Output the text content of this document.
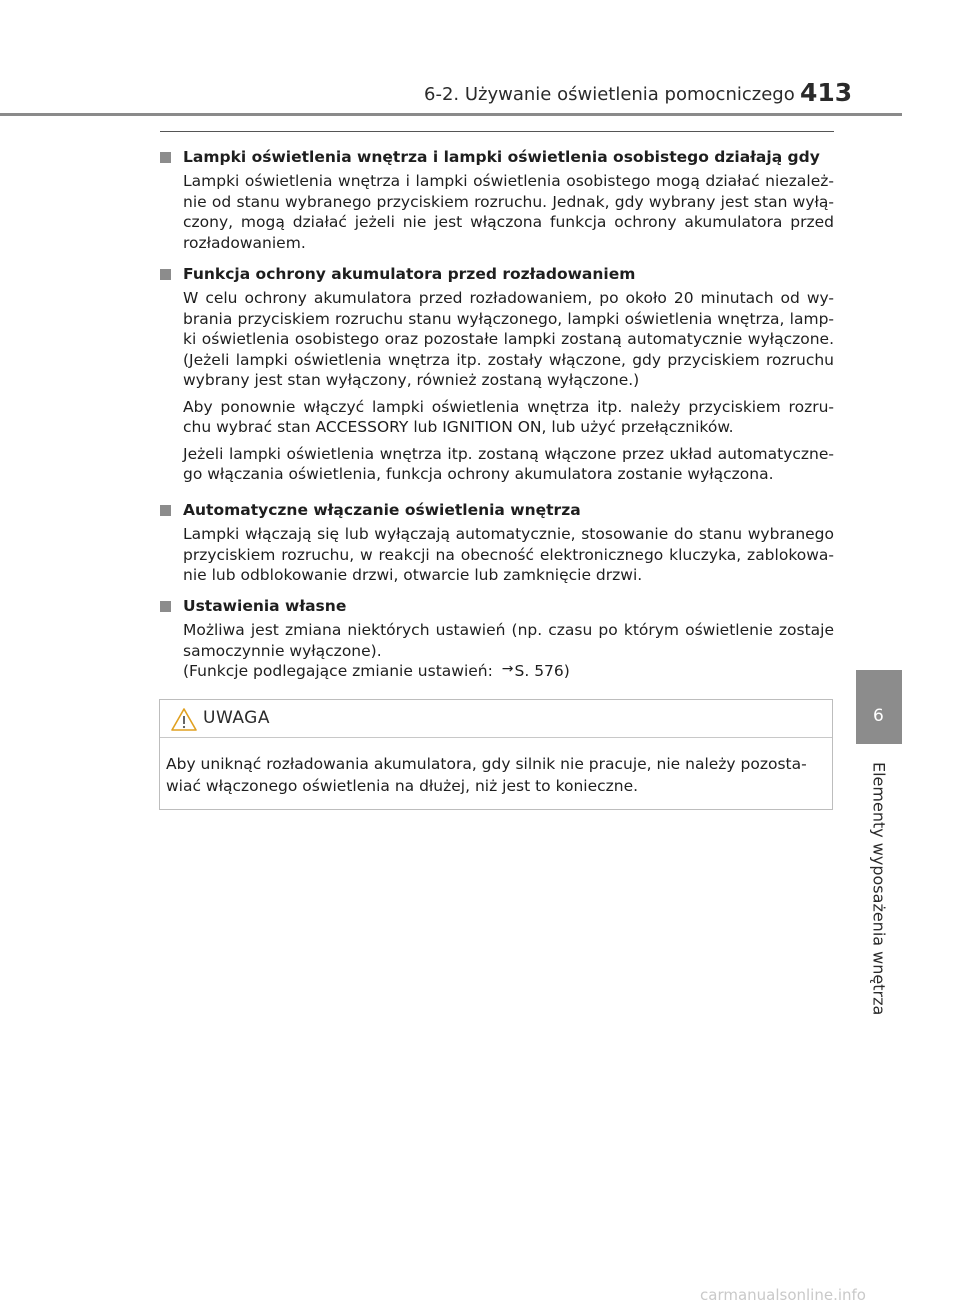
6-2. Używanie oświetlenia pomocniczego 413
Lampki oświetlenia wnętrza i lampki oświetlenia osobistego działają gdy
Lampki oświetlenia wnętrza i lampki oświetlenia osobistego mogą działać niezależ-
nie od stanu wybranego przyciskiem rozruchu. Jednak, gdy wybrany jest stan wyłą-
czony, mogą działać jeżeli nie jest włączona funkcja ochrony akumulatora przed
rozładowaniem.
Funkcja ochrony akumulatora przed rozładowaniem
W celu ochrony akumulatora przed rozładowaniem, po około 20 minutach od wy-
brania przyciskiem rozruchu stanu wyłączonego, lampki oświetlenia wnętrza, lamp-
ki oświetlenia osobistego oraz pozostałe lampki zostaną automatycznie wyłączone.
(Jeżeli lampki oświetlenia wnętrza itp. zostały włączone, gdy przyciskiem rozruchu
wybrany jest stan wyłączony, również zostaną wyłączone.)
Aby ponownie włączyć lampki oświetlenia wnętrza itp. należy przyciskiem rozru-
chu wybrać stan ACCESSORY lub IGNITION ON, lub użyć przełączników.
Jeżeli lampki oświetlenia wnętrza itp. zostaną włączone przez układ automatyczne-
go włączania oświetlenia, funkcja ochrony akumulatora zostanie wyłączona.
Automatyczne włączanie oświetlenia wnętrza
Lampki włączają się lub wyłączają automatycznie, stosowanie do stanu wybranego
przyciskiem rozruchu, w reakcji na obecność elektronicznego kluczyka, zablokowa-
nie lub odblokowanie drzwi, otwarcie lub zamknięcie drzwi.
Ustawienia własne
Możliwa jest zmiana niektórych ustawień (np. czasu po którym oświetlenie zostaje
samoczynnie wyłączone).
(Funkcje podlegające zmianie ustawień: →S. 576)
UWAGA
Aby uniknąć rozładowania akumulatora, gdy silnik nie pracuje, nie należy pozosta-
wiać włączonego oświetlenia na dłużej, niż jest to konieczne.
6
Elementy wyposażenia wnętrza
carmanualsonline.info
